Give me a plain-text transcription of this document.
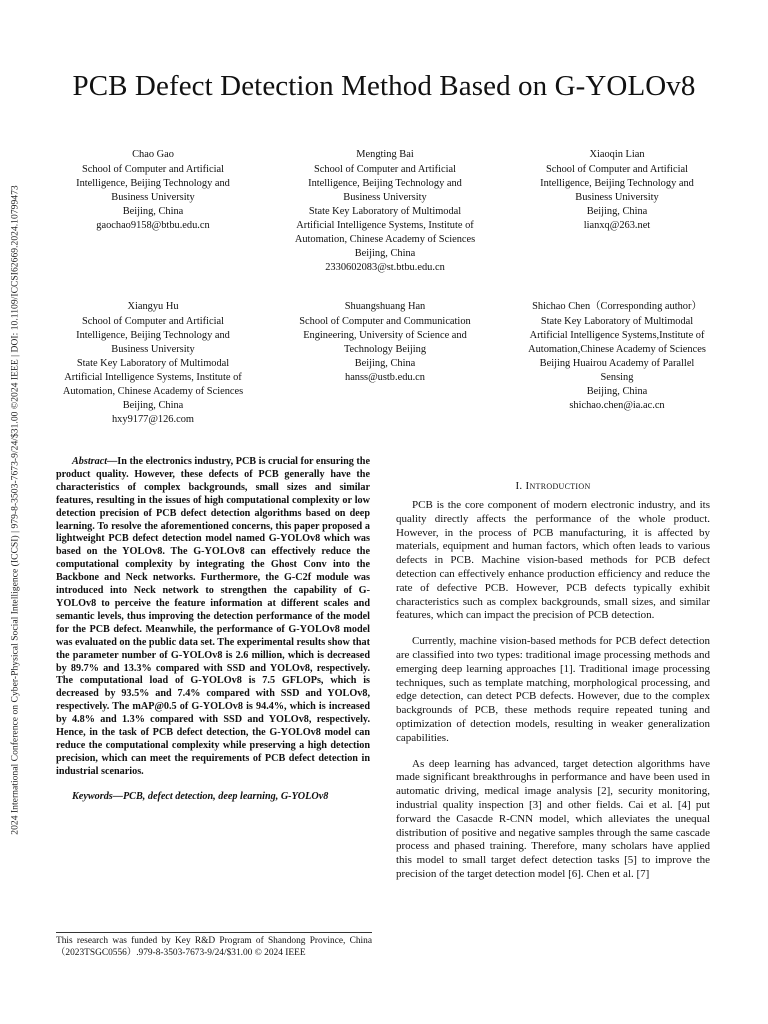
2024 International Conference on Cyber-Physical Social Intelligence (ICCSI) | 979-8-3503-7673-9/24/$31.00 ©2024 IEEE | DOI: 10.1109/ICCSI62669.2024.10799473
PCB Defect Detection Method Based on G-YOLOv8
Chao Gao
School of Computer and Artificial
Intelligence, Beijing Technology and
Business University
Beijing, China
gaochao9158@btbu.edu.cn
Mengting Bai
School of Computer and Artificial
Intelligence, Beijing Technology and
Business University
State Key Laboratory of Multimodal
Artificial Intelligence Systems, Institute of
Automation, Chinese Academy of Sciences
Beijing, China
2330602083@st.btbu.edu.cn
Xiaoqin Lian
School of Computer and Artificial
Intelligence, Beijing Technology and
Business University
Beijing, China
lianxq@263.net
Xiangyu Hu
School of Computer and Artificial
Intelligence, Beijing Technology and
Business University
State Key Laboratory of Multimodal
Artificial Intelligence Systems, Institute of
Automation, Chinese Academy of Sciences
Beijing, China
hxy9177@126.com
Shuangshuang Han
School of Computer and Communication
Engineering, University of Science and
Technology Beijing
Beijing, China
hanss@ustb.edu.cn
Shichao Chen（Corresponding author）
State Key Laboratory of Multimodal
Artificial Intelligence Systems,Institute of
Automation,Chinese Academy of Sciences
Beijing Huairou Academy of Parallel
Sensing
Beijing, China
shichao.chen@ia.ac.cn

Abstract—In the electronics industry, PCB is crucial for ensuring the product quality. However, these defects of PCB generally have the characteristics of complex backgrounds, small sizes and similar features, resulting in the issues of high computational complexity or low detection precision of PCB defect detection algorithms based on deep learning. To resolve the aforementioned concerns, this paper proposed a lightweight PCB defect detection model named G-YOLOv8 which was based on the YOLOv8. The G-YOLOv8 can effectively reduce the computational complexity by integrating the Ghost Conv into the Backbone and Neck networks. Furthermore, the G-C2f module was introduced into Neck network to strengthen the capability of G-YOLOv8 to perceive the feature information at different scales and semantic levels, thus improving the detection performance of the model for the PCB defect. Meanwhile, the performance of G-YOLOv8 model was evaluated on the public data set. The experimental results show that the parameter number of G-YOLOv8 is 2.6 million, which is decreased by 89.7% and 13.3% compared with SSD and YOLOv8, respectively. The computational load of G-YOLOv8 is 7.5 GFLOPs, which is decreased by 93.5% and 7.4% compared with SSD and YOLOv8, respectively. The mAP@0.5 of G-YOLOv8 is 94.4%, which is increased by 4.8% and 1.3% compared with SSD and YOLOv8, respectively. Hence, in the task of PCB defect detection, the G-YOLOv8 model can reduce the computational complexity while preserving a high detection precision, which can meet the requirements of PCB defect detection in industrial scenarios.

Keywords—PCB, defect detection, deep learning, G-YOLOv8

This research was funded by Key R&D Program of Shandong Province, China（2023TSGC0556）.979-8-3503-7673-9/24/$31.00 © 2024 IEEE

I. Introduction

PCB is the core component of modern electronic industry, and its quality directly affects the performance of the whole product. However, in the process of PCB manufacturing, it is affected by materials, equipment and human factors, which often leads to various defects in PCB. Machine vision-based methods for PCB defect detection can effectively enhance production efficiency and reduce the rate of defective PCB. However, PCB defects typically exhibit characteristics such as complex backgrounds, small sizes, and similar features, which can impact the precision of PCB detection.

Currently, machine vision-based methods for PCB defect detection are classified into two types: traditional image processing methods and emerging deep learning approaches [1]. Traditional image processing techniques, such as template matching, morphological processing, and edge detection, can detect PCB defects. However, due to the complex backgrounds of PCB, these methods require repeated tuning and optimization of detection models, resulting in weaker generalization capabilities.

As deep learning has advanced, target detection algorithms have made significant breakthroughs in performance and have been used in automatic driving, medical image analysis [2], security monitoring, industrial quality inspection [3] and other fields. Cai et al. [4] put forward the Casacde R-CNN model, which alleviates the unequal distribution of positive and negative samples through the same cascade process and phased training. Therefore, many scholars have applied this model to small target defect detection tasks [5] to improve the precision of the target detection model [6]. Chen et al. [7]
